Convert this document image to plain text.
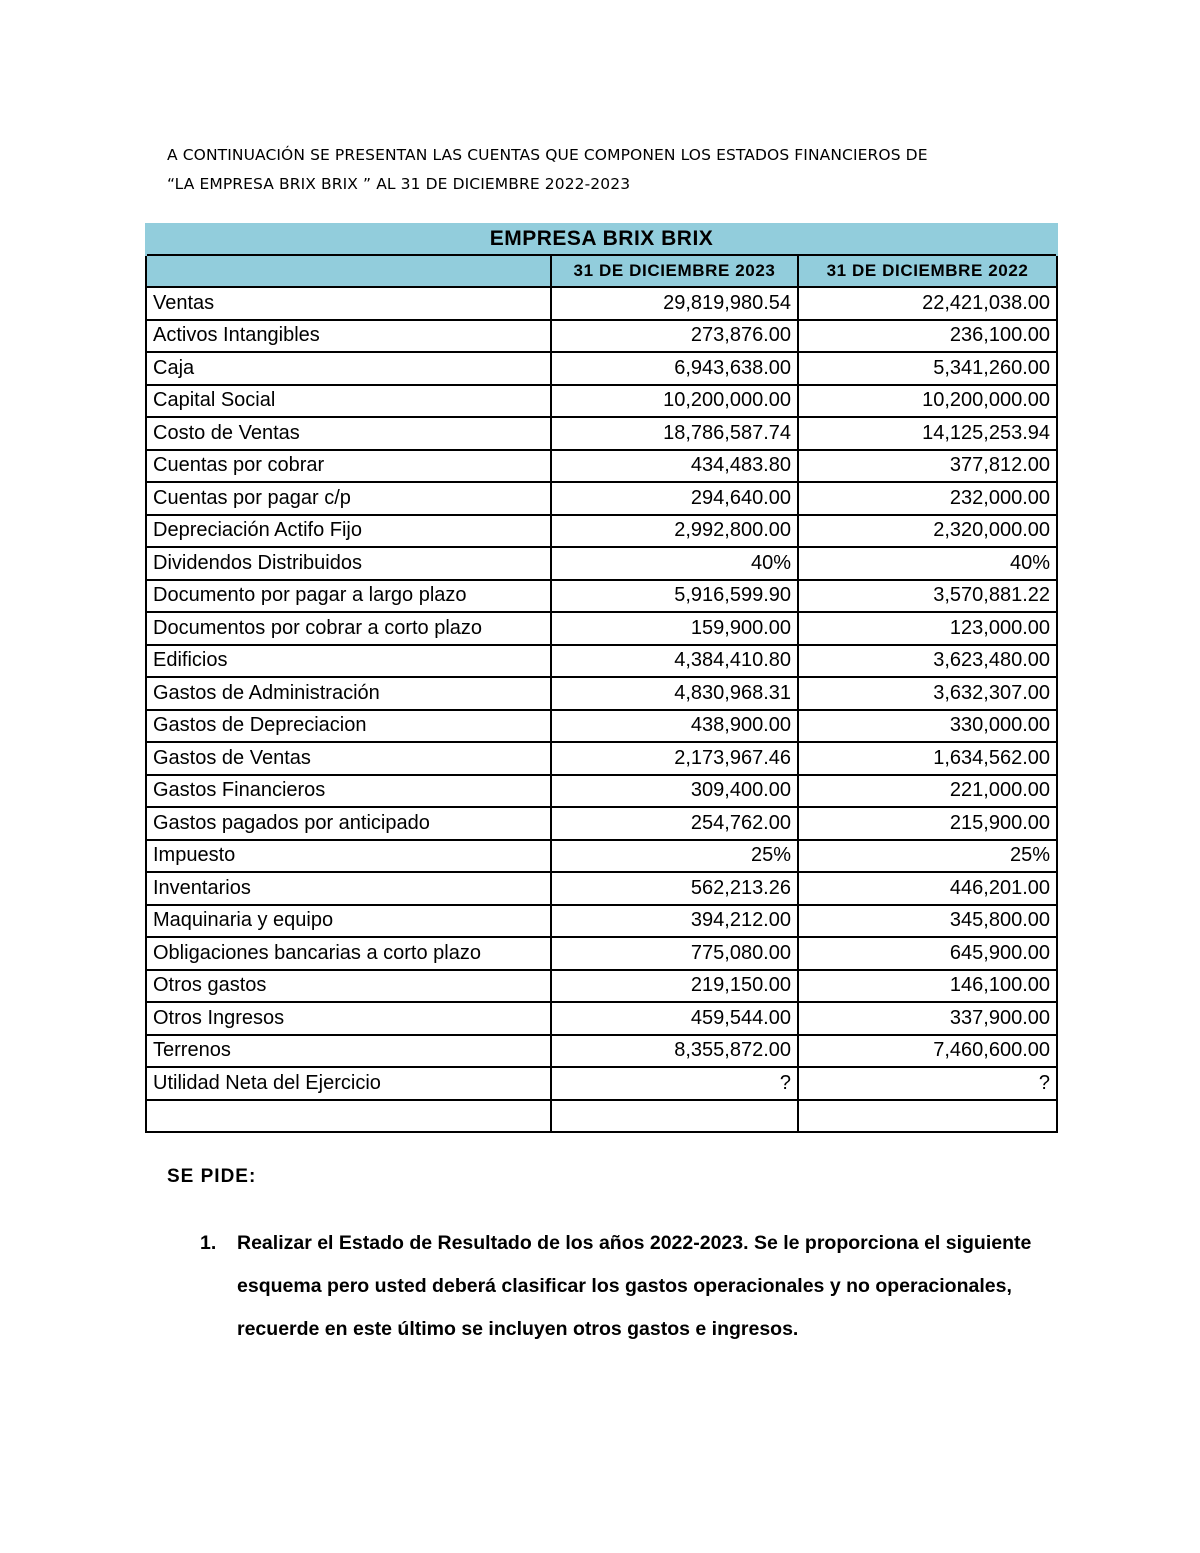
A CONTINUACIÓN SE PRESENTAN LAS CUENTAS QUE COMPONEN LOS ESTADOS FINANCIEROS DE

“LA EMPRESA BRIX BRIX ” AL 31 DE DICIEMBRE 2022-2023

EMPRESA BRIX BRIX		
	31 DE DICIEMBRE 2023	31 DE DICIEMBRE 2022
Ventas	29,819,980.54	22,421,038.00
Activos Intangibles	273,876.00	236,100.00
Caja	6,943,638.00	5,341,260.00
Capital Social	10,200,000.00	10,200,000.00
Costo de Ventas	18,786,587.74	14,125,253.94
Cuentas por cobrar	434,483.80	377,812.00
Cuentas por pagar c/p	294,640.00	232,000.00
Depreciación Actifo Fijo	2,992,800.00	2,320,000.00
Dividendos Distribuidos	40%	40%
Documento por pagar a largo plazo	5,916,599.90	3,570,881.22
Documentos por cobrar a corto plazo	159,900.00	123,000.00
Edificios	4,384,410.80	3,623,480.00
Gastos de Administración	4,830,968.31	3,632,307.00
Gastos de Depreciacion	438,900.00	330,000.00
Gastos de Ventas	2,173,967.46	1,634,562.00
Gastos Financieros	309,400.00	221,000.00
Gastos pagados por anticipado	254,762.00	215,900.00
Impuesto	25%	25%
Inventarios	562,213.26	446,201.00
Maquinaria y equipo	394,212.00	345,800.00
Obligaciones bancarias a corto plazo	775,080.00	645,900.00
Otros gastos	219,150.00	146,100.00
Otros Ingresos	459,544.00	337,900.00
Terrenos	8,355,872.00	7,460,600.00
Utilidad Neta del Ejercicio	?	?

SE PIDE:

1.	Realizar el Estado de Resultado de los años 2022-2023. Se le proporciona el siguiente esquema pero usted deberá clasificar los gastos operacionales y no operacionales, recuerde en este último se incluyen otros gastos e ingresos.
